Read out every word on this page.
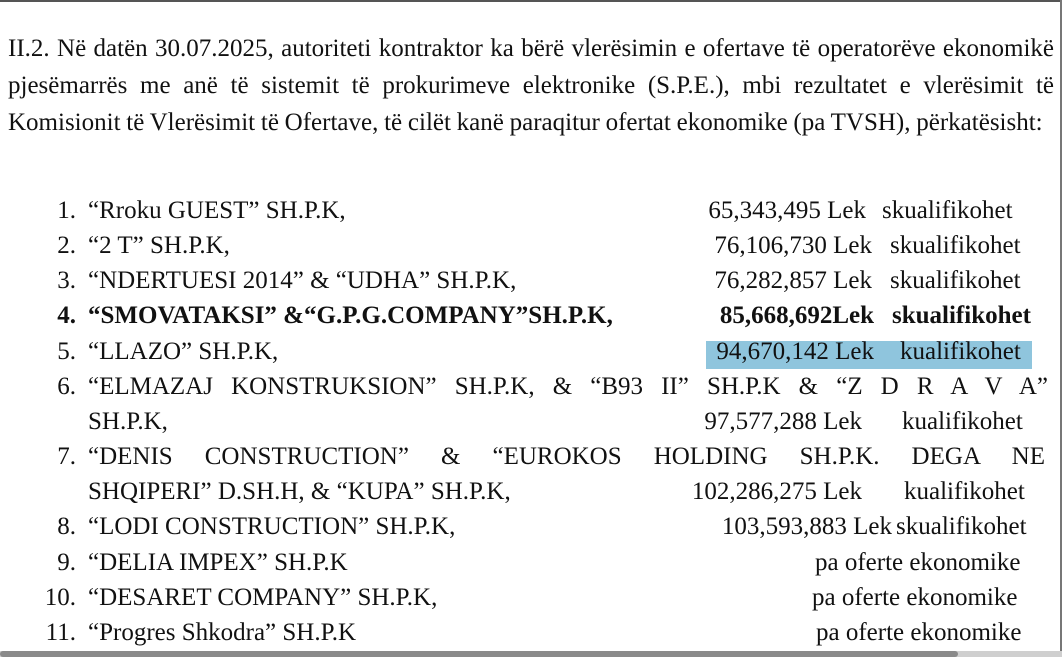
II.2. Në datën 30.07.2025, autoriteti kontraktor ka bërë vlerësimin e ofertave të operatorëve ekonomikë pjesëmarrës me anë të sistemit të prokurimeve elektronike (S.P.E.), mbi rezultatet e vlerësimit të Komisionit të Vlerësimit të Ofertave, të cilët kanë paraqitur ofertat ekonomike (pa TVSH), përkatësisht:
1. “Rroku GUEST” SH.P.K,	65,343,495 Lek skualifikohet
2. “2 T” SH.P.K,	76,106,730 Lek skualifikohet
3. “NDERTUESI 2014” & “UDHA” SH.P.K,	76,282,857 Lek skualifikohet
4. “SMOVATAKSI” &“G.P.G.COMPANY”SH.P.K,	85,668,692Lek skualifikohet
5. “LLAZO” SH.P.K,	94,670,142 Lek kualifikohet
6. “ELMAZAJ KONSTRUKSION” SH.P.K, & “B93 II” SH.P.K & “Z D R A V A”
SH.P.K,	97,577,288 Lek kualifikohet
7. “DENIS CONSTRUCTION” & “EUROKOS HOLDING SH.P.K. DEGA NE
SHQIPERI” D.SH.H, & “KUPA” SH.P.K,	102,286,275 Lek kualifikohet
8. “LODI CONSTRUCTION” SH.P.K,	103,593,883 Lek skualifikohet
9. “DELIA IMPEX” SH.P.K	pa oferte ekonomike
10. “DESARET COMPANY” SH.P.K,	pa oferte ekonomike
11. “Progres Shkodra” SH.P.K	pa oferte ekonomike
